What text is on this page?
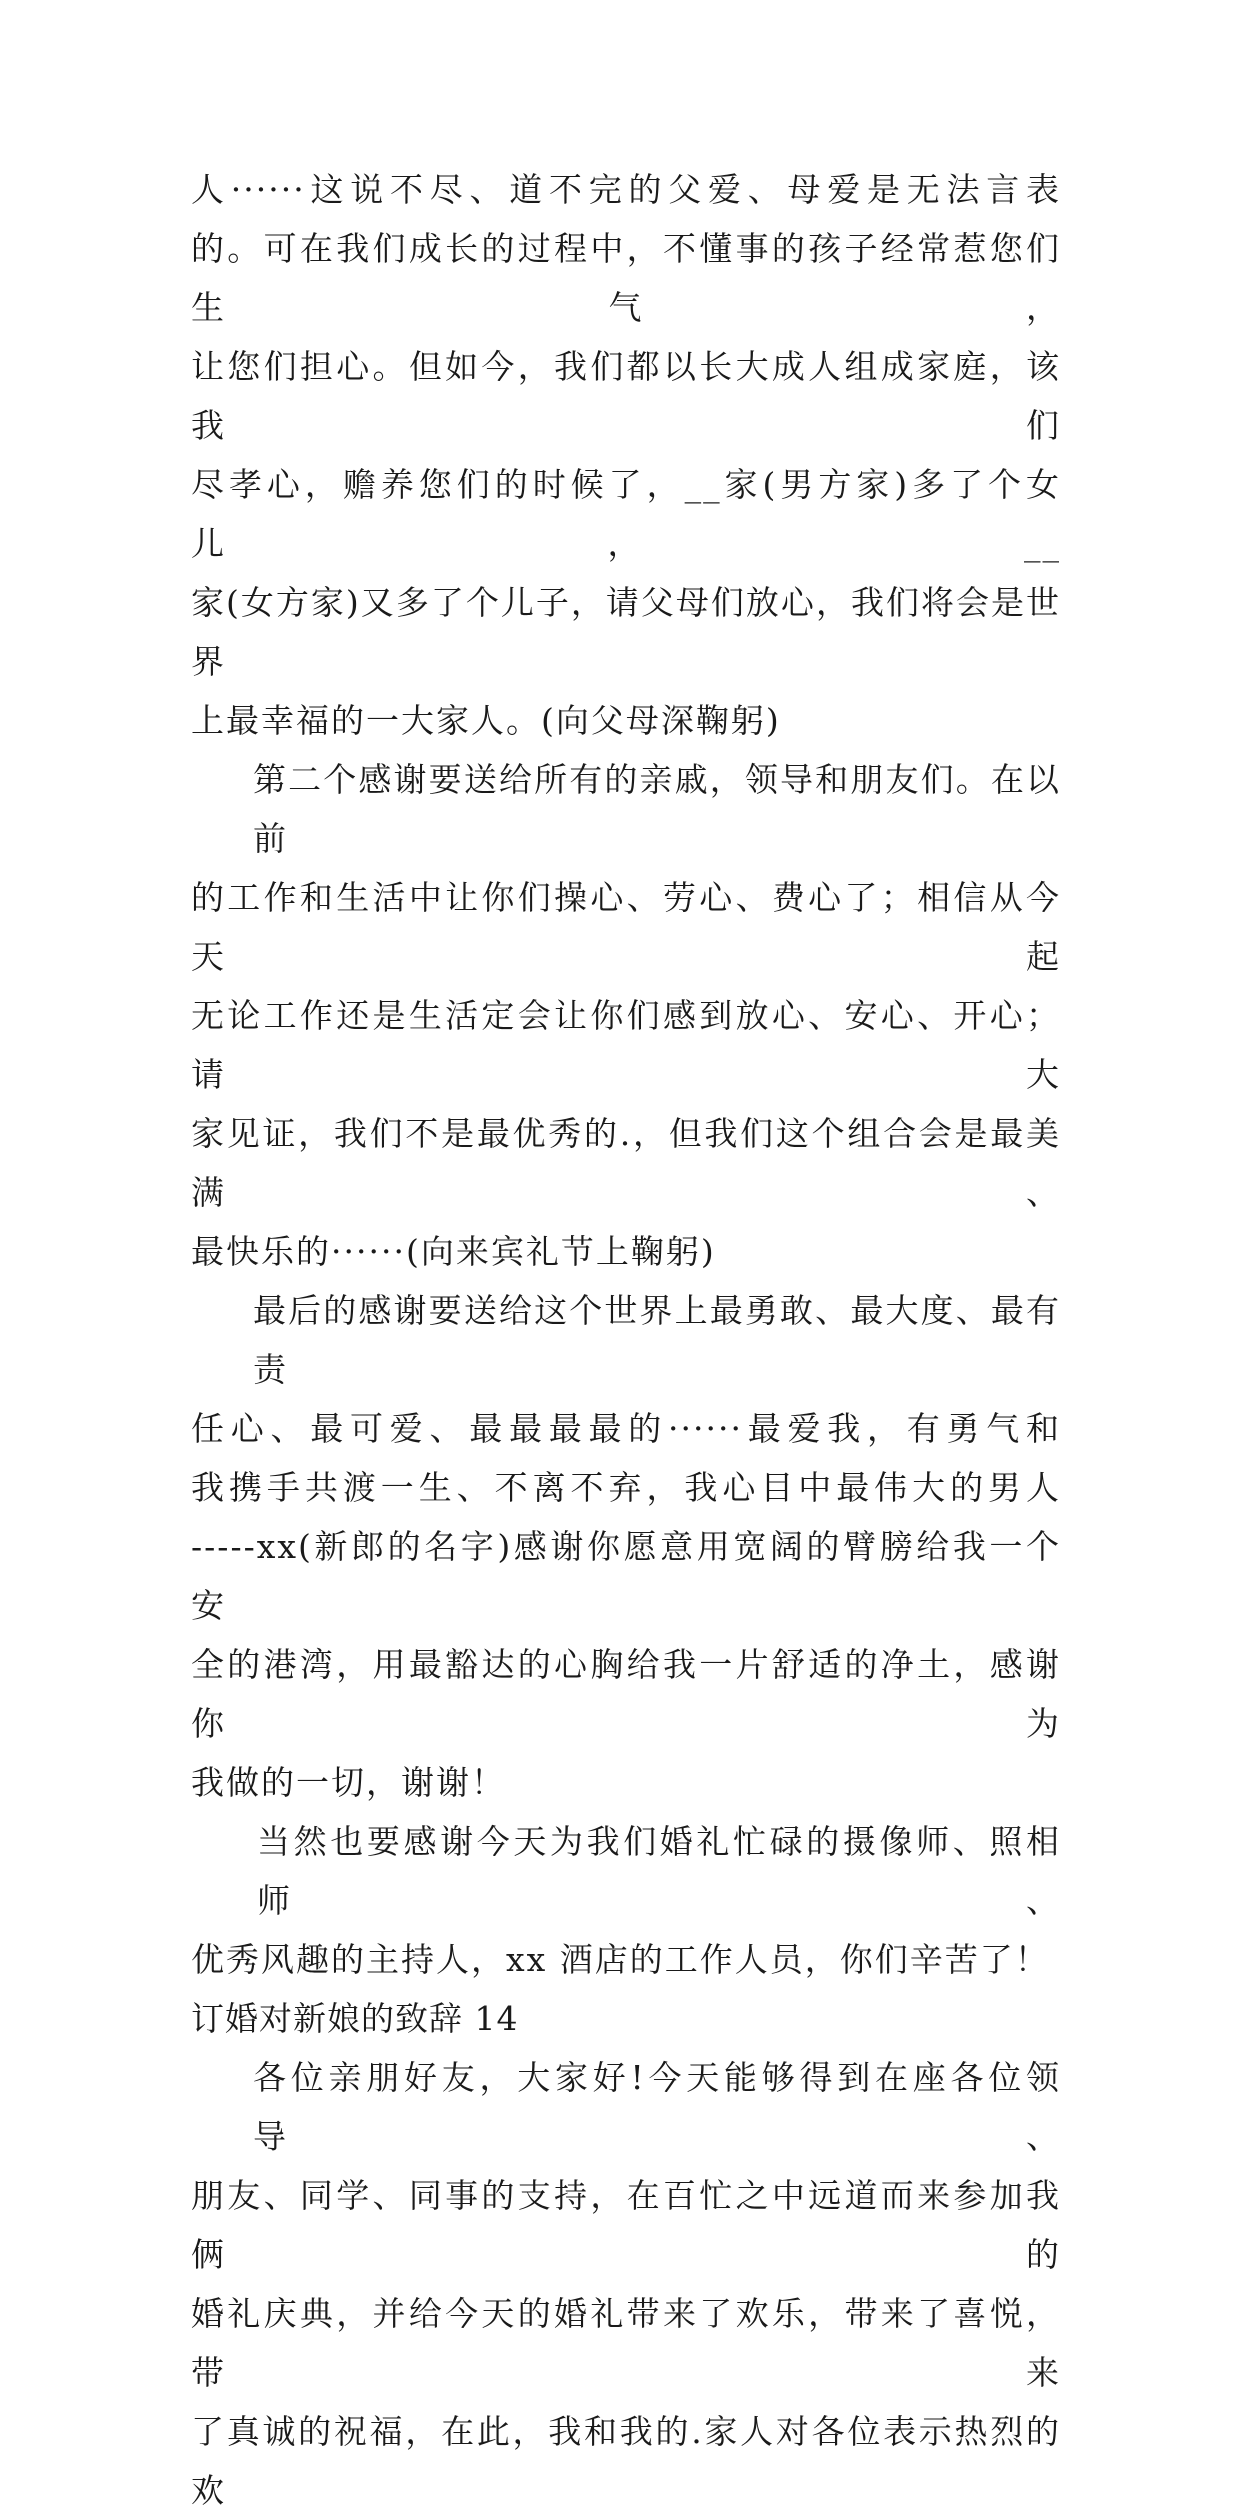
人······这说不尽、道不完的父爱、母爱是无法言表
的。可在我们成长的过程中，不懂事的孩子经常惹您们生气，
让您们担心。但如今，我们都以长大成人组成家庭，该我们
尽孝心，赡养您们的时候了，__家(男方家)多了个女儿，__
家(女方家)又多了个儿子，请父母们放心，我们将会是世界
上最幸福的一大家人。(向父母深鞠躬)
第二个感谢要送给所有的亲戚，领导和朋友们。在以前
的工作和生活中让你们操心、劳心、费心了；相信从今天起
无论工作还是生活定会让你们感到放心、安心、开心；请大
家见证，我们不是最优秀的.，但我们这个组合会是最美满、
最快乐的······(向来宾礼节上鞠躬)
最后的感谢要送给这个世界上最勇敢、最大度、最有责
任心、最可爱、最最最最的······最爱我，有勇气和
我携手共渡一生、不离不弃，我心目中最伟大的男人
-----xx(新郎的名字)感谢你愿意用宽阔的臂膀给我一个安
全的港湾，用最豁达的心胸给我一片舒适的净土，感谢你为
我做的一切，谢谢！
当然也要感谢今天为我们婚礼忙碌的摄像师、照相师、
优秀风趣的主持人，xx 酒店的工作人员，你们辛苦了！
订婚对新娘的致辞 14
各位亲朋好友，大家好!今天能够得到在座各位领导、
朋友、同学、同事的支持，在百忙之中远道而来参加我俩的
婚礼庆典，并给今天的婚礼带来了欢乐，带来了喜悦，带来
了真诚的祝福，在此，我和我的.家人对各位表示热烈的欢
